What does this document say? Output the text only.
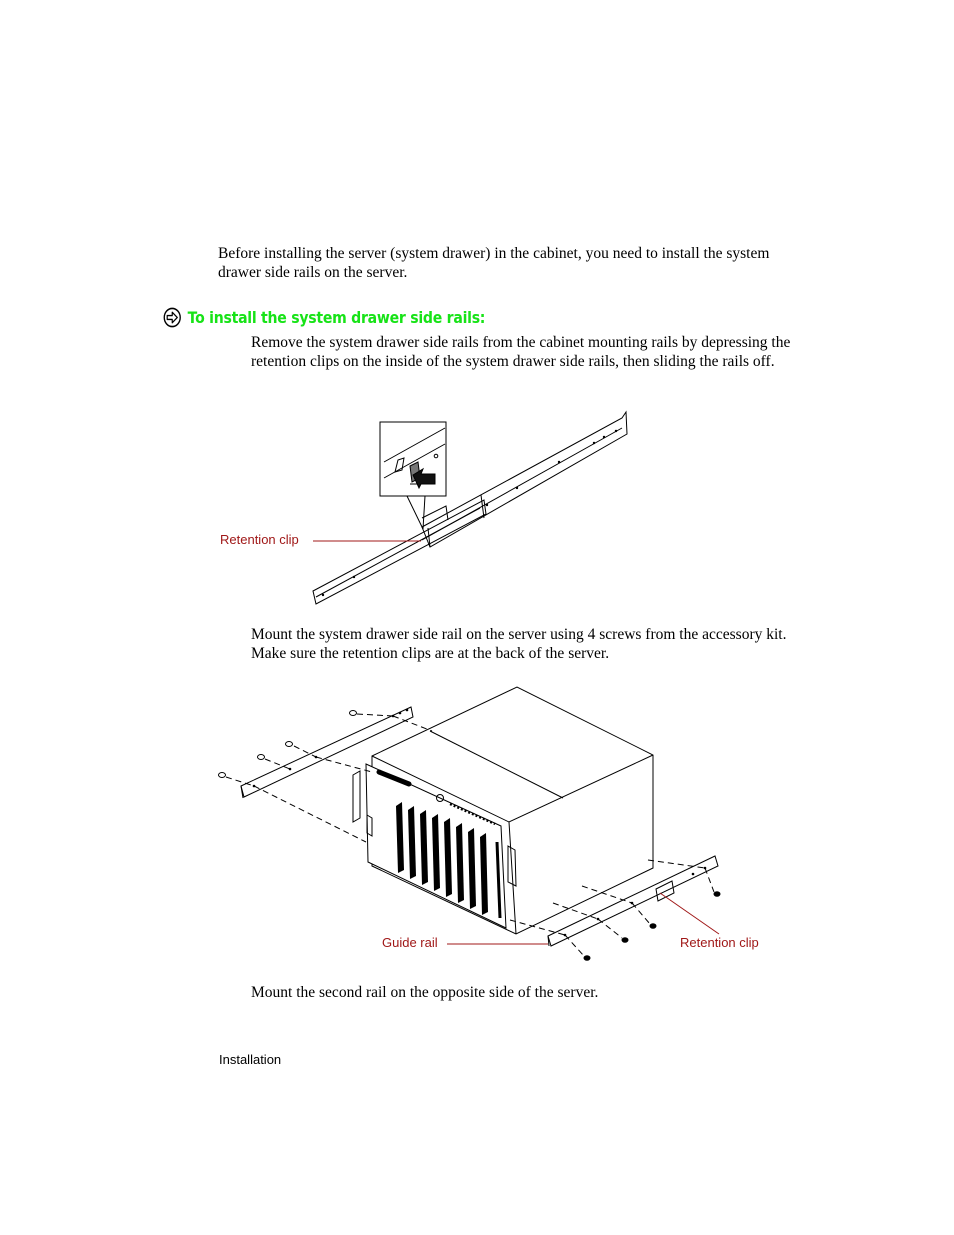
Before installing the server (system drawer) in the cabinet, you need to install the system drawer side rails on the server.

To install the system drawer side rails:

Remove the system drawer side rails from the cabinet mounting rails by depressing the retention clips on the inside of the system drawer side rails, then sliding the rails off.

Retention clip

Mount the system drawer side rail on the server using 4 screws from the accessory kit. Make sure the retention clips are at the back of the server.

Guide rail	Retention clip

Mount the second rail on the opposite side of the server.

Installation
